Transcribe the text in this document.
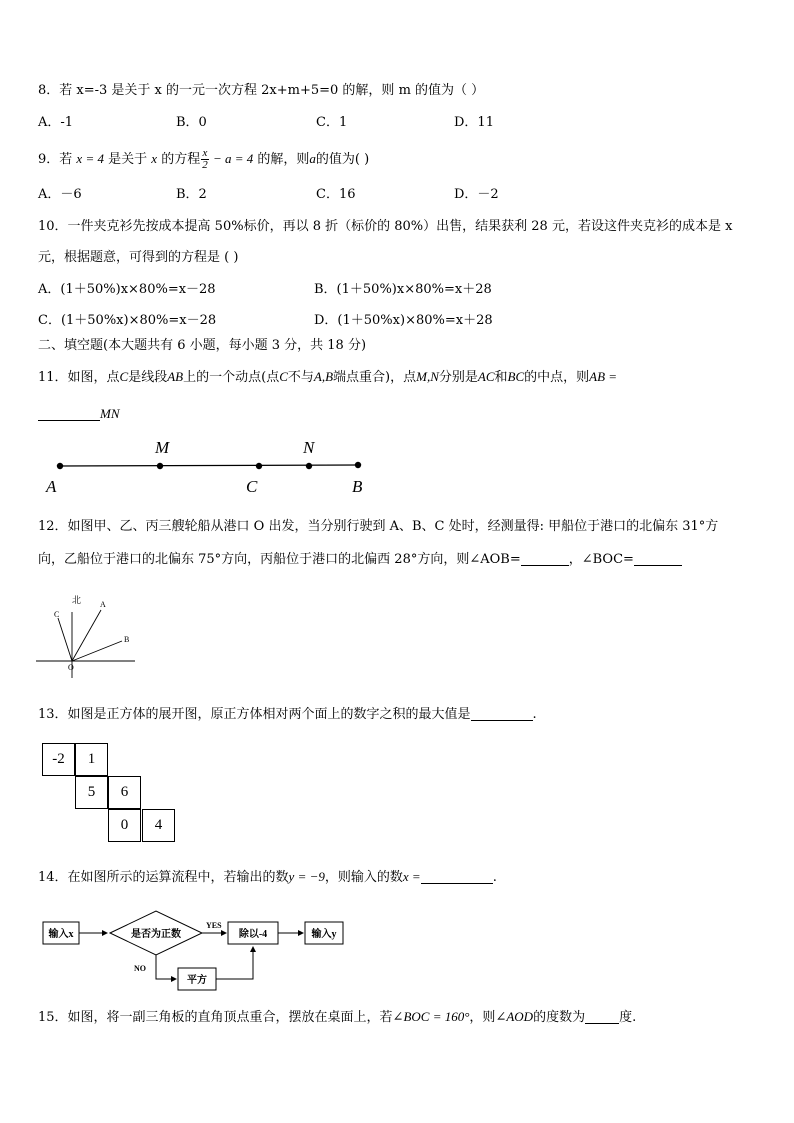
8．若 x=-3 是关于 x 的一元一次方程 2x+m+5=0 的解，则 m 的值为（ ）
A．-1	B．0	C．1	D．11
9．若 x = 4 是关于 x 的方程 $\frac{x}{2} - a = 4$ 的解，则a的值为( )
A．－6	B．2	C．16	D．－2
10．一件夹克衫先按成本提高 50%标价，再以 8 折（标价的 80%）出售，结果获利 28 元，若设这件夹克衫的成本是 x
元，根据题意，可得到的方程是 ( )
A．(1＋50%)x×80%=x－28	B．(1＋50%)x×80%=x＋28
C．(1＋50%x)×80%=x－28	D．(1＋50%x)×80%=x＋28
二、填空题(本大题共有 6 小题，每小题 3 分，共 18 分)
11．如图，点C是线段AB上的一个动点(点C不与A,B端点重合)，点M,N分别是AC和BC的中点，则AB =
MN
A
M
C
N
B
12．如图甲、乙、丙三艘轮船从港口 O 出发，当分别行驶到 A、B、C 处时，经测量得: 甲船位于港口的北偏东 31°方
向，乙船位于港口的北偏东 75°方向，丙船位于港口的北偏西 28°方向，则∠AOB=	，∠BOC=
北 A
B
C
O
13．如图是正方体的展开图，原正方体相对两个面上的数字之积的最大值是	.
-2	1
5	6
0	4
14．在如图所示的运算流程中，若输出的数y = −9，则输入的数x =	.
输入x	是否为正数
YES
除以-4	输入y
NO
平方
15．如图，将一副三角板的直角顶点重合，摆放在桌面上，若∠BOC = 160°，则∠AOD的度数为	度.
